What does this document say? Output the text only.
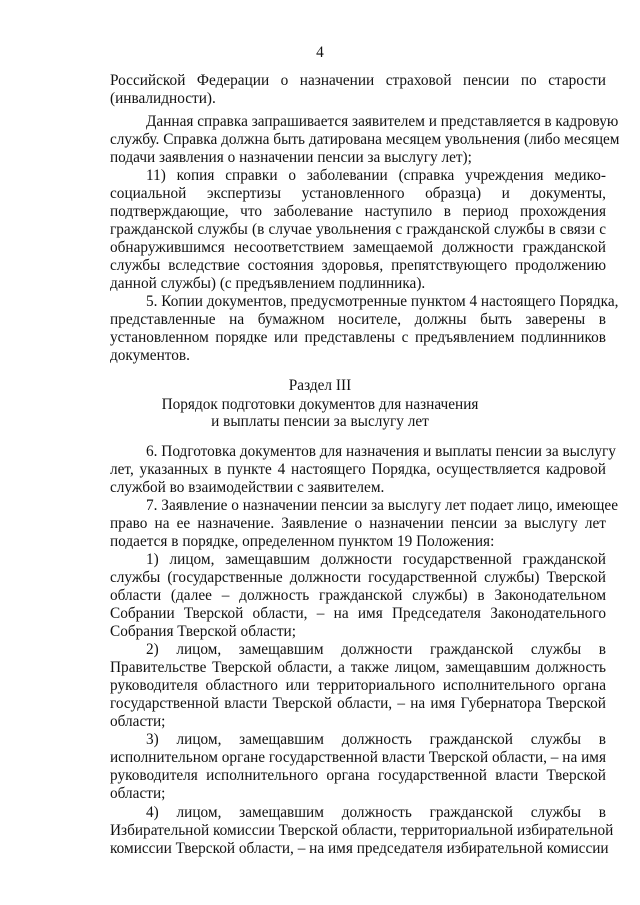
4
Российской Федерации о назначении страховой пенсии по старости
(инвалидности).
Данная справка запрашивается заявителем и представляется в кадровую
службу. Справка должна быть датирована месяцем увольнения (либо месяцем
подачи заявления о назначении пенсии за выслугу лет);
11) копия справки о заболевании (справка учреждения медико-
социальной экспертизы установленного образца) и документы,
подтверждающие, что заболевание наступило в период прохождения
гражданской службы (в случае увольнения с гражданской службы в связи с
обнаружившимся несоответствием замещаемой должности гражданской
службы вследствие состояния здоровья, препятствующего продолжению
данной службы) (с предъявлением подлинника).
5. Копии документов, предусмотренные пунктом 4 настоящего Порядка,
представленные на бумажном носителе, должны быть заверены в
установленном порядке или представлены с предъявлением подлинников
документов.
Раздел III
Порядок подготовки документов для назначения
и выплаты пенсии за выслугу лет
6. Подготовка документов для назначения и выплаты пенсии за выслугу
лет, указанных в пункте 4 настоящего Порядка, осуществляется кадровой
службой во взаимодействии с заявителем.
7. Заявление о назначении пенсии за выслугу лет подает лицо, имеющее
право на ее назначение. Заявление о назначении пенсии за выслугу лет
подается в порядке, определенном пунктом 19 Положения:
1) лицом, замещавшим должности государственной гражданской
службы (государственные должности государственной службы) Тверской
области (далее – должность гражданской службы) в Законодательном
Собрании Тверской области, – на имя Председателя Законодательного
Собрания Тверской области;
2) лицом, замещавшим должности гражданской службы в
Правительстве Тверской области, а также лицом, замещавшим должность
руководителя областного или территориального исполнительного органа
государственной власти Тверской области, – на имя Губернатора Тверской
области;
3) лицом, замещавшим должность гражданской службы в
исполнительном органе государственной власти Тверской области, – на имя
руководителя исполнительного органа государственной власти Тверской
области;
4) лицом, замещавшим должность гражданской службы в
Избирательной комиссии Тверской области, территориальной избирательной
комиссии Тверской области, – на имя председателя избирательной комиссии
